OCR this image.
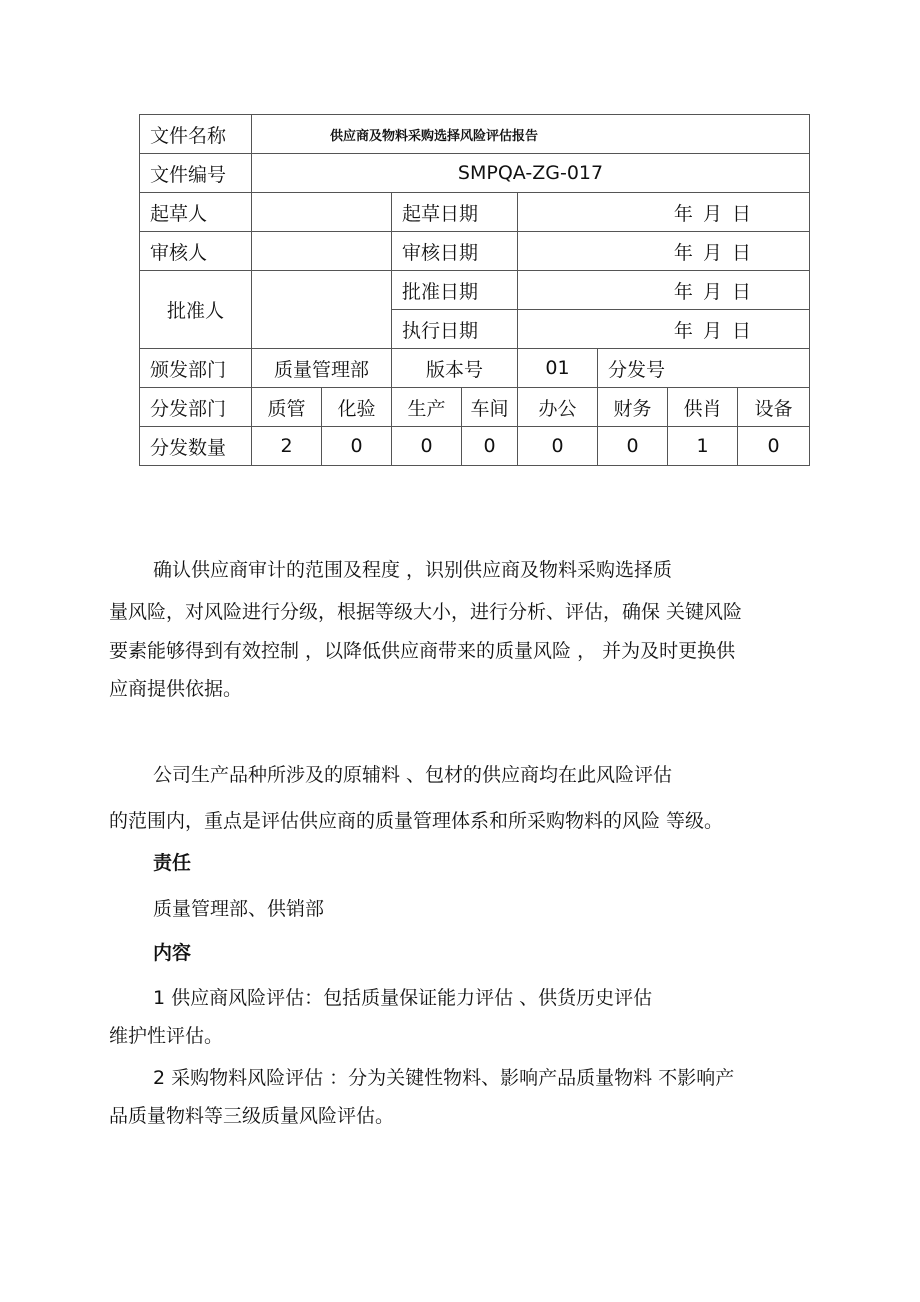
文件名称	供应商及物料采购选择风险评估报告							
文件编号	SMPQA-ZG-017							
起草人			起草日期		年 月 日			
审核人			审核日期		年 月 日			
批准人			批准日期		年 月 日			
			执行日期		年 月 日			
颁发部门	质量管理部		版本号		01	分发号		
分发部门	质管	化验	生产	车间	办公	财务	供肖	设备
分发数量	2	0	0	0	0	0	1	0
确认供应商审计的范围及程度 ，识别供应商及物料采购选择质
量风险，对风险进行分级，根据等级大小，进行分析、评估，确保 关键风险
要素能够得到有效控制 ，以降低供应商带来的质量风险 ， 并为及时更换供
应商提供依据。
公司生产品种所涉及的原辅料 、包材的供应商均在此风险评估
的范围内，重点是评估供应商的质量管理体系和所采购物料的风险 等级。
责任
质量管理部、供销部
内容
1 供应商风险评估：包括质量保证能力评估 、供货历史评估
维护性评估。
2 采购物料风险评估 ：分为关键性物料、影响产品质量物料 不影响产
品质量物料等三级质量风险评估。
